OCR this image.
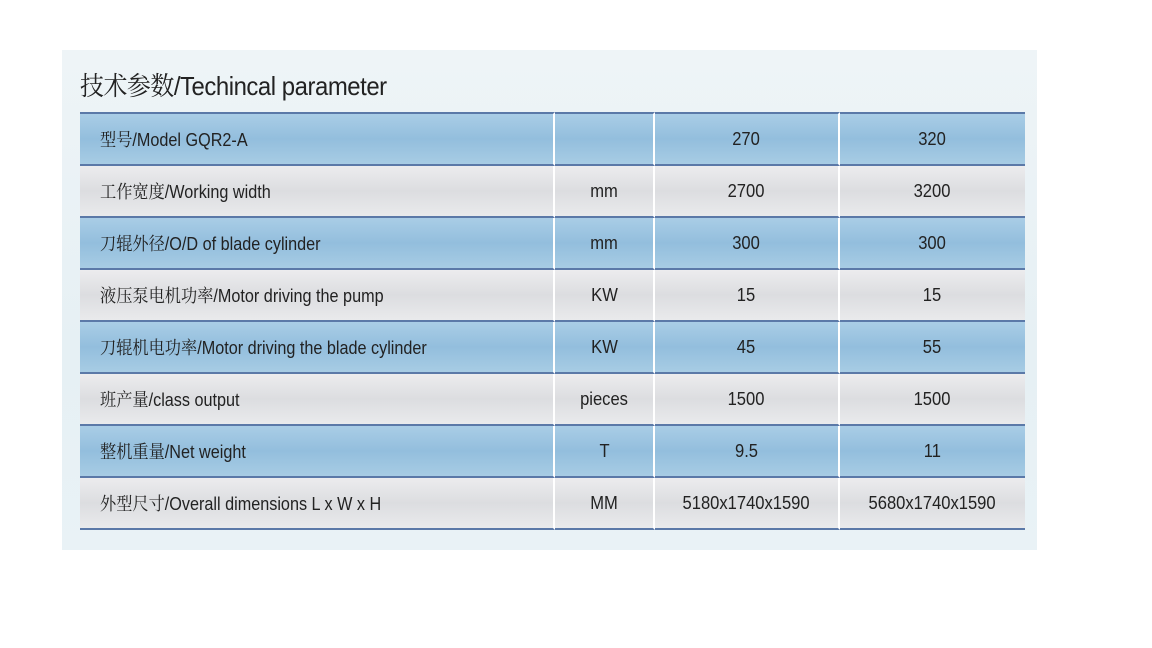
技术参数/Techincal parameter
型号/Model GQR2-A		270	320
工作宽度/Working width	mm	2700	3200
刀辊外径/O/D of blade cylinder	mm	300	300
液压泵电机功率/Motor driving the pump	KW	15	15
刀辊机电功率/Motor driving the blade cylinder	KW	45	55
班产量/class output	pieces	1500	1500
整机重量/Net weight	T	9.5	11
外型尺寸/Overall dimensions L x W x H	MM	5180x1740x1590	5680x1740x1590
